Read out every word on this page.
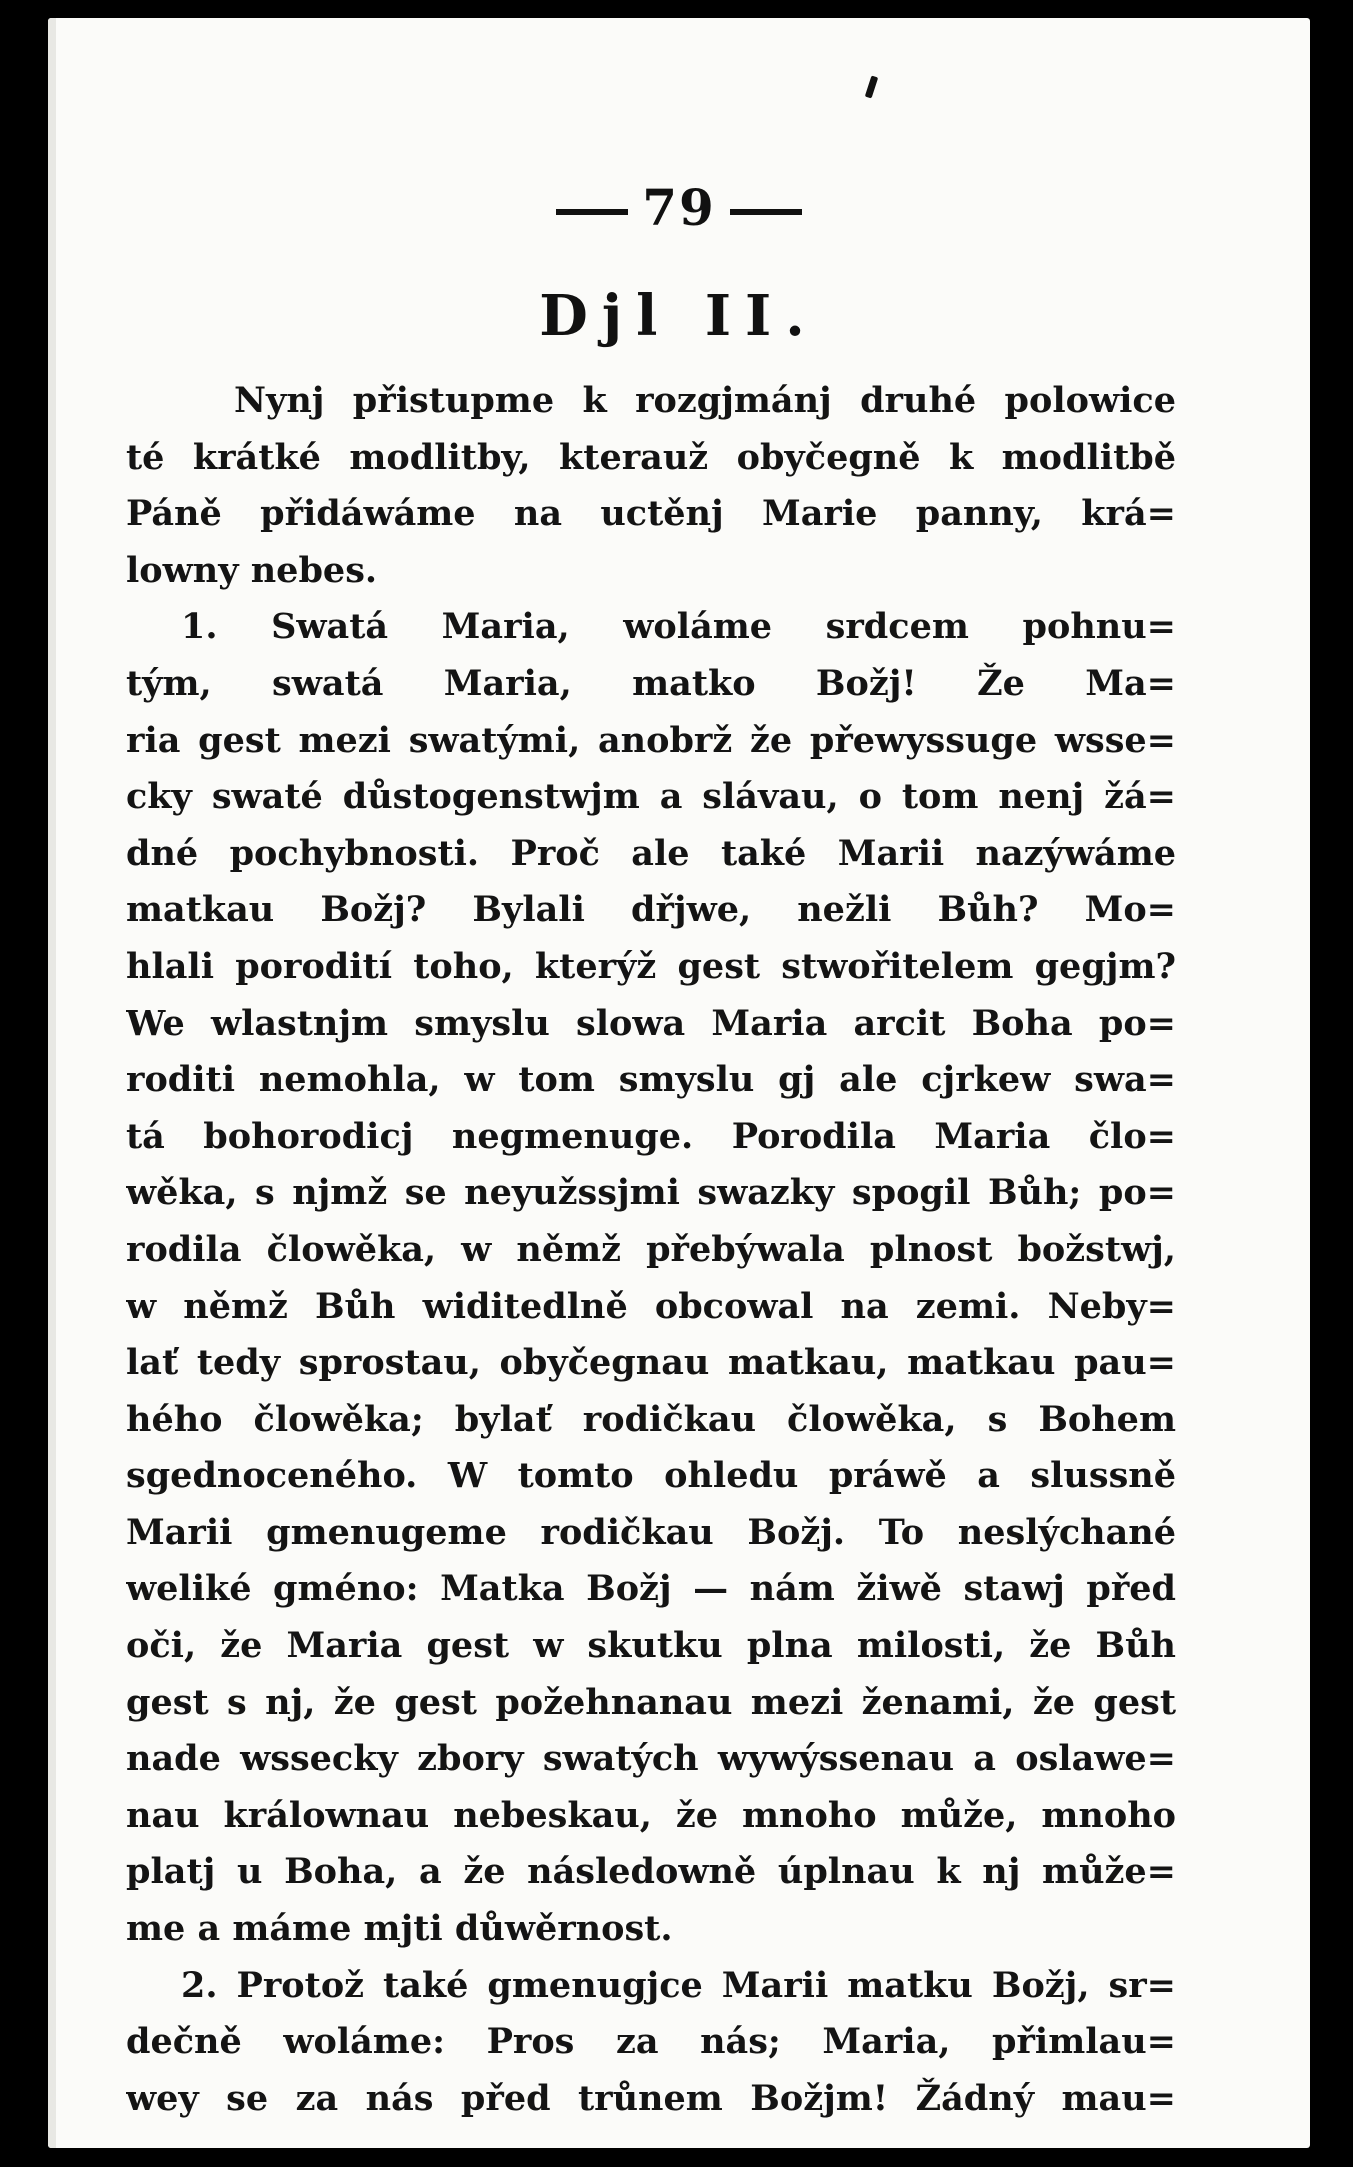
79
Djl II.
Nynj přistupme k rozgjmánj druhé polowice
té krátké modlitby, kterauž obyčegně k modlitbě
Páně přidáwáme na uctěnj Marie panny, krá=
lowny nebes.
1. Swatá Maria, woláme srdcem pohnu=
tým, swatá Maria, matko Božj! Že Ma=
ria gest mezi swatými, anobrž že přewyssuge wsse=
cky swaté důstogenstwjm a slávau, o tom nenj žá=
dné pochybnosti. Proč ale také Marii nazýwáme
matkau Božj? Bylali dřjwe, nežli Bůh? Mo=
hlali porodití toho, kterýž gest stwořitelem gegjm?
We wlastnjm smyslu slowa Maria arcit Boha po=
roditi nemohla, w tom smyslu gj ale cjrkew swa=
tá bohorodicj negmenuge. Porodila Maria člo=
wěka, s njmž se neyužssjmi swazky spogil Bůh; po=
rodila člowěka, w němž přebýwala plnost božstwj,
w němž Bůh widitedlně obcowal na zemi. Neby=
lať tedy sprostau, obyčegnau matkau, matkau pau=
hého člowěka; bylať rodičkau člowěka, s Bohem
sgednoceného. W tomto ohledu práwě a slussně
Marii gmenugeme rodičkau Božj. To neslýchané
weliké gméno: Matka Božj — nám žiwě stawj před
oči, že Maria gest w skutku plna milosti, že Bůh
gest s nj, že gest požehnanau mezi ženami, že gest
nade wssecky zbory swatých wywýssenau a oslawe=
nau králownau nebeskau, že mnoho může, mnoho
platj u Boha, a že následowně úplnau k nj může=
me a máme mjti důwěrnost.
2. Protož také gmenugjce Marii matku Božj, sr=
dečně woláme: Pros za nás; Maria, přimlau=
wey se za nás před trůnem Božjm! Žádný mau=
